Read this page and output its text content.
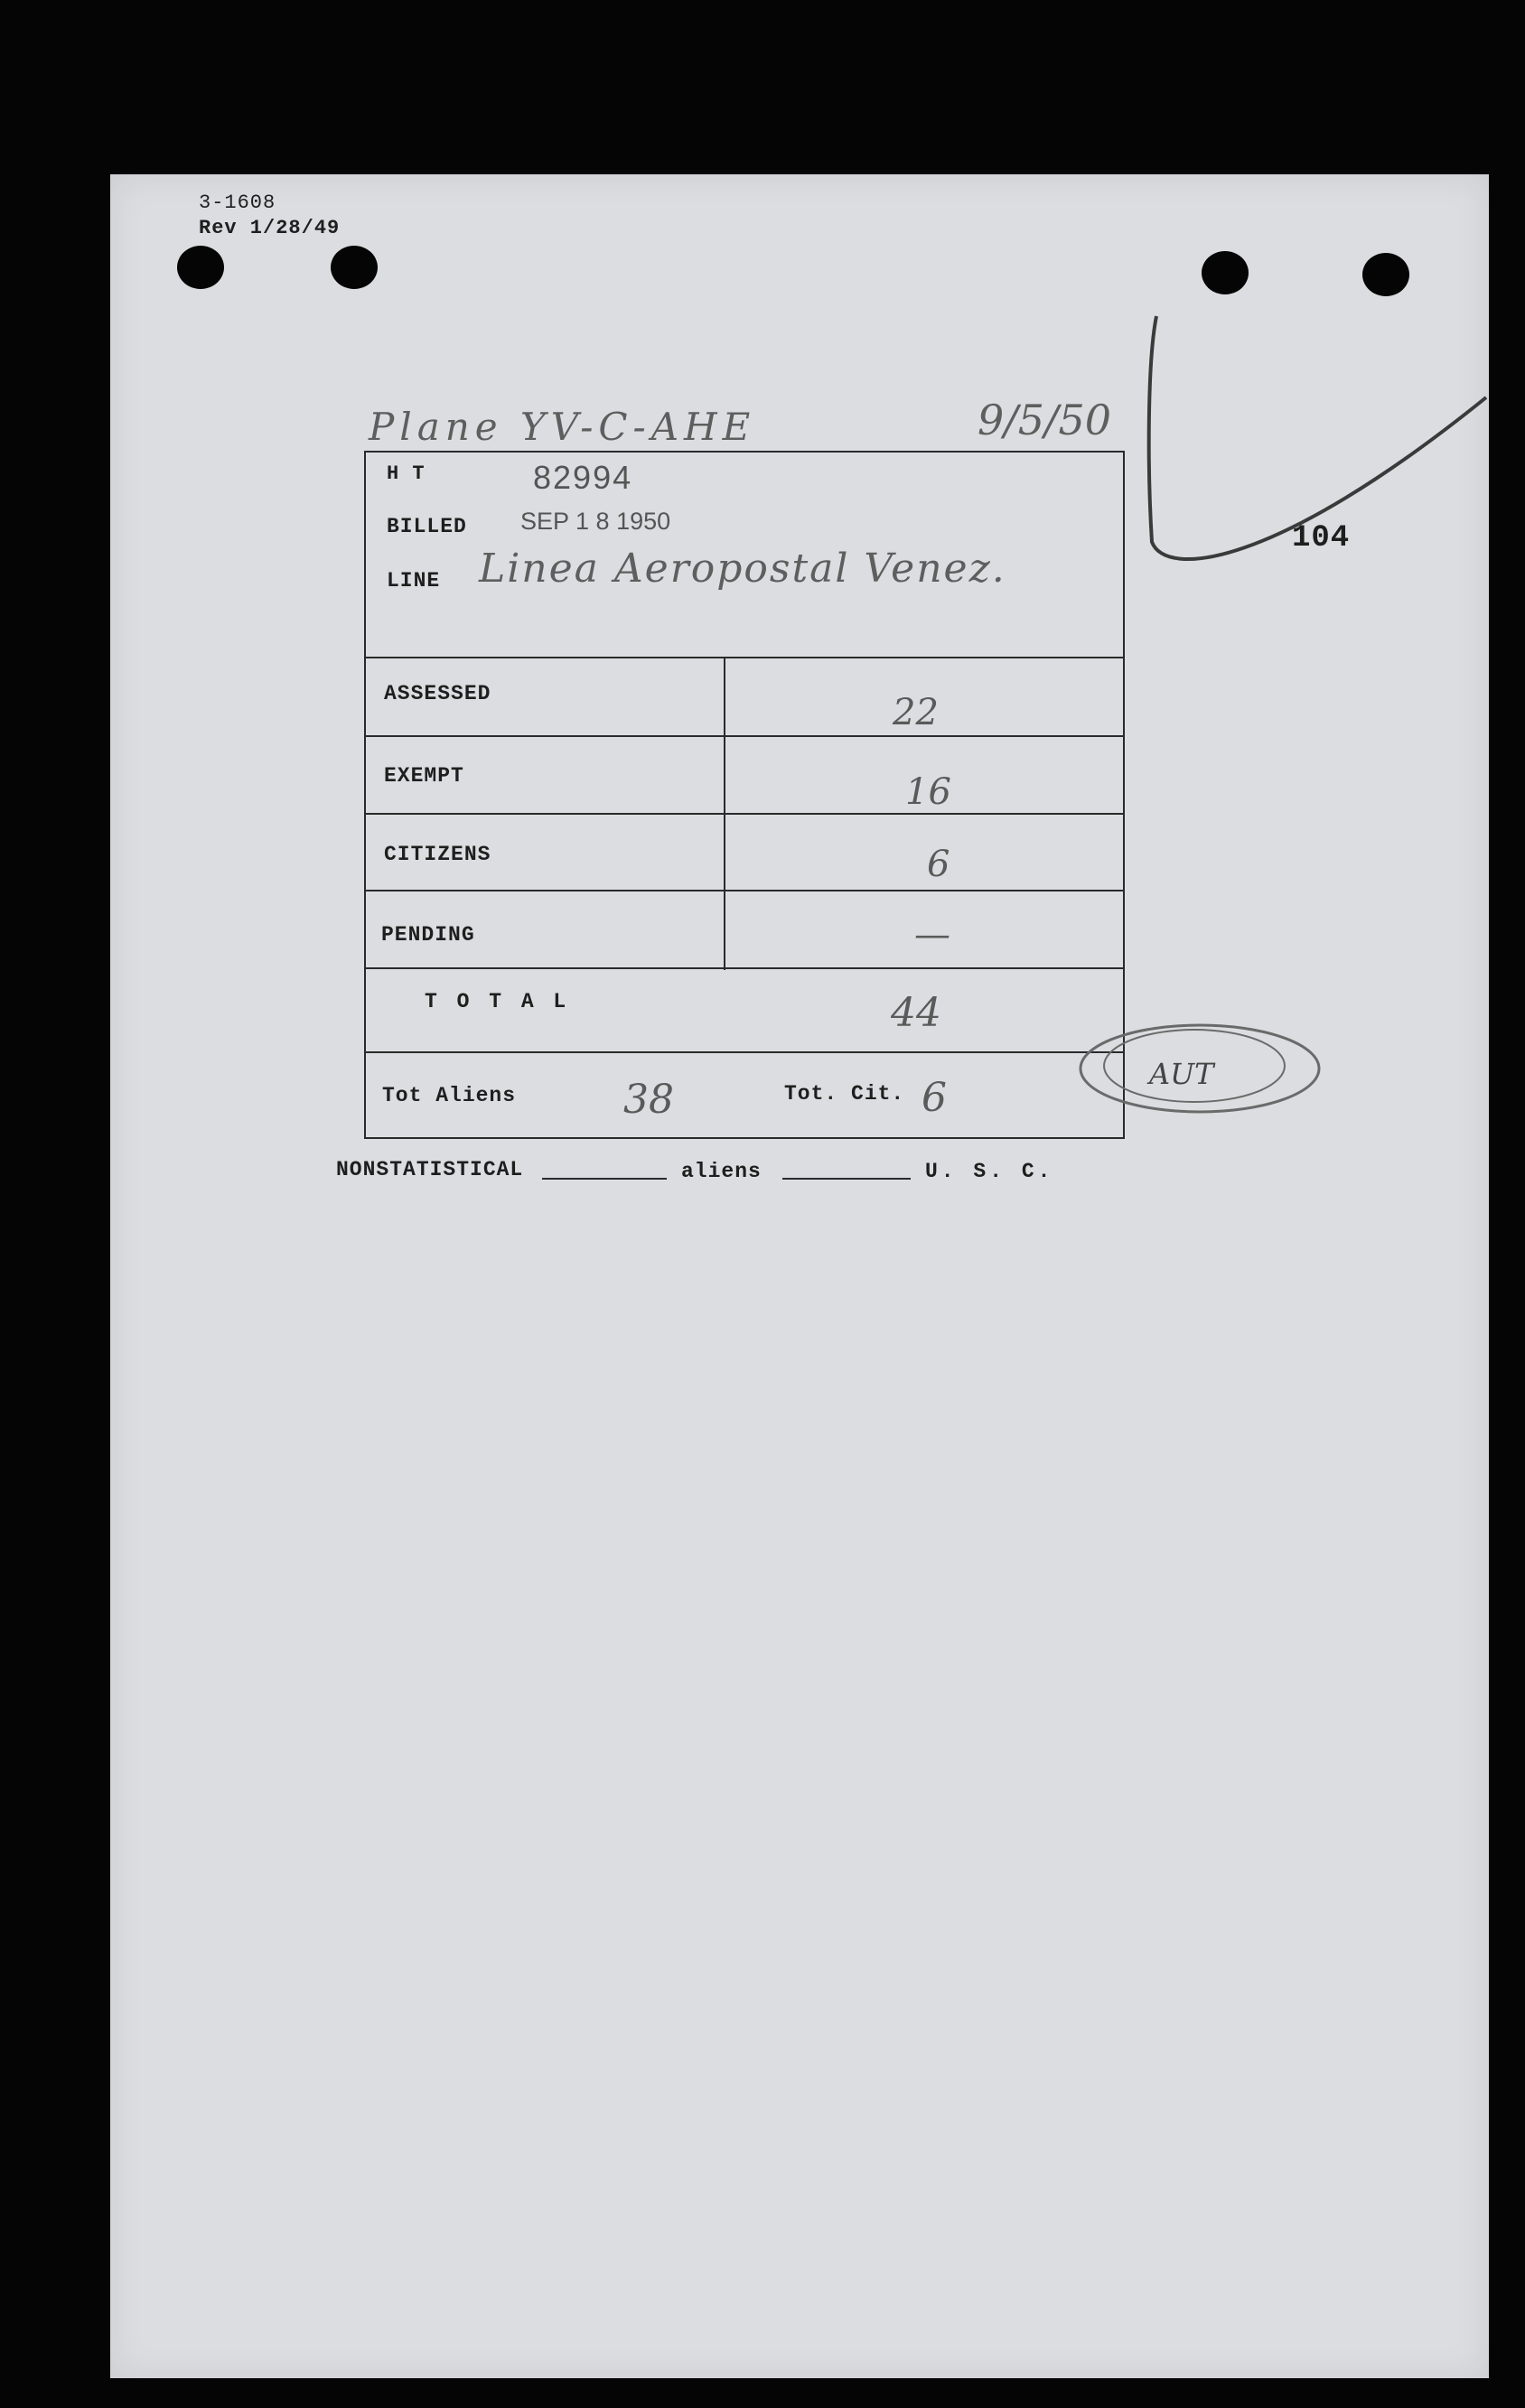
3-1608
Rev 1/28/49
Plane YV-C-AHE	9/5/50
104
H T	82994
BILLED SEP 1 8 1950
LINE Linea Aeropostal Venez.
ASSESSED	22
EXEMPT	16
CITIZENS	6
PENDING	—
T O T A L	44
Tot Aliens	38	Tot. Cit. 6
AUT
NONSTATISTICAL	aliens	U. S. C.
